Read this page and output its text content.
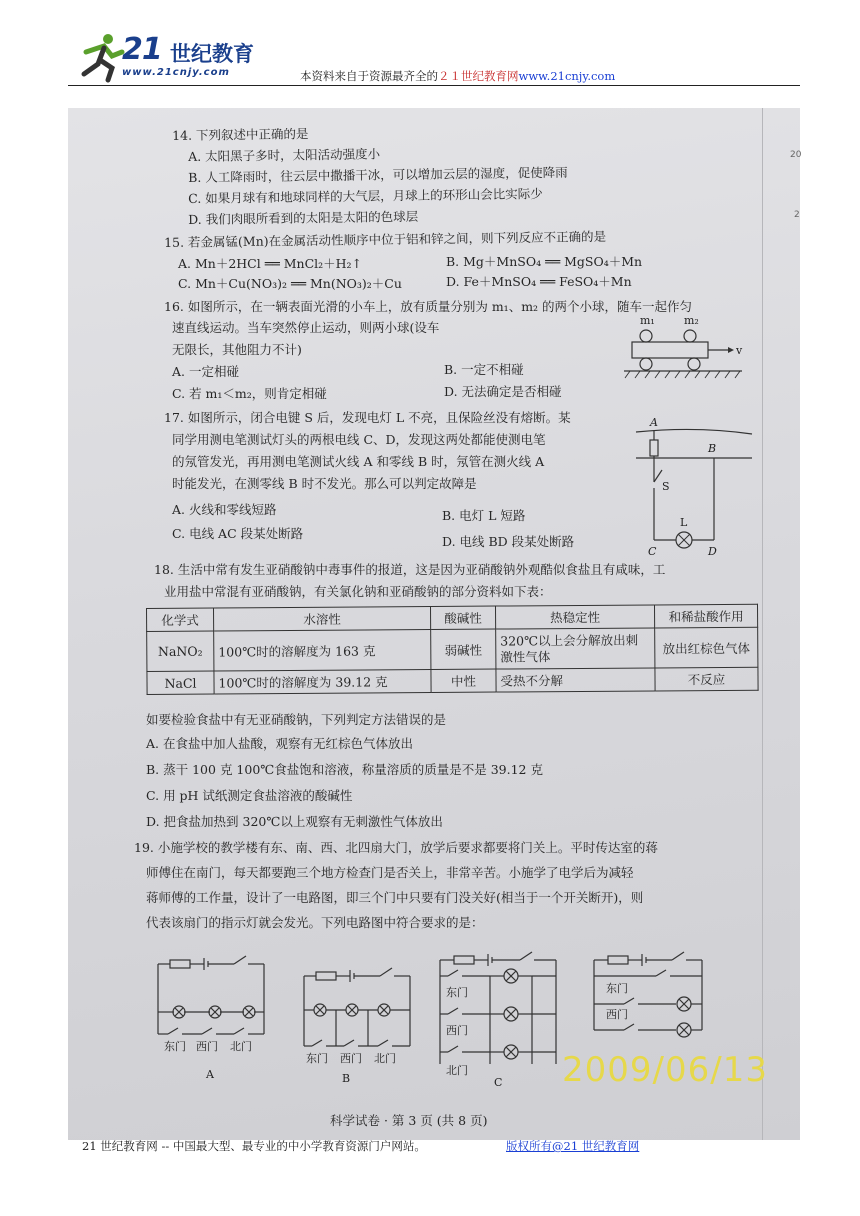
21 世纪教育
www.21cnjy.com	本资料来自于资源最齐全的２１世纪教育网www.21cnjy.com
20
2
14. 下列叙述中正确的是
A. 太阳黑子多时，太阳活动强度小
B. 人工降雨时，往云层中撒播干冰，可以增加云层的湿度，促使降雨
C. 如果月球有和地球同样的大气层，月球上的环形山会比实际少
D. 我们肉眼所看到的太阳是太阳的色球层
15. 若金属锰(Mn)在金属活动性顺序中位于铝和锌之间，则下列反应不正确的是
A. Mn＋2HCl ══ MnCl₂＋H₂↑	B. Mg＋MnSO₄ ══ MgSO₄＋Mn
C. Mn＋Cu(NO₃)₂ ══ Mn(NO₃)₂＋Cu	D. Fe＋MnSO₄ ══ FeSO₄＋Mn
16. 如图所示，在一辆表面光滑的小车上，放有质量分别为 m₁、m₂ 的两个小球，随车一起作匀
速直线运动。当车突然停止运动，则两小球(设车
无限长，其他阻力不计)
A. 一定相碰	B. 一定不相碰
C. 若 m₁＜m₂，则肯定相碰	D. 无法确定是否相碰
m₁	m₂
v
17. 如图所示，闭合电键 S 后，发现电灯 L 不亮，且保险丝没有熔断。某
同学用测电笔测试灯头的两根电线 C、D，发现这两处都能使测电笔
的氖管发光，再用测电笔测试火线 A 和零线 B 时，氖管在测火线 A
时能发光，在测零线 B 时不发光。那么可以判定故障是
A. 火线和零线短路	B. 电灯 L 短路
C. 电线 AC 段某处断路
D. 电线 BD 段某处断路
A
B
S
L
C	D
18. 生活中常有发生亚硝酸钠中毒事件的报道，这是因为亚硝酸钠外观酷似食盐且有咸味，工
业用盐中常混有亚硝酸钠，有关氯化钠和亚硝酸钠的部分资料如下表：
化学式	水溶性	酸碱性	热稳定性	和稀盐酸作用
NaNO₂	100℃时的溶解度为 163 克	弱碱性	320℃以上会分解放出刺激性气体	放出红棕色气体
NaCl	100℃时的溶解度为 39.12 克	中性	受热不分解	不反应
如要检验食盐中有无亚硝酸钠，下列判定方法错误的是
A. 在食盐中加人盐酸，观察有无红棕色气体放出
B. 蒸干 100 克 100℃食盐饱和溶液，称量溶质的质量是不是 39.12 克
C. 用 pH 试纸测定食盐溶液的酸碱性
D. 把食盐加热到 320℃以上观察有无刺激性气体放出
19. 小施学校的教学楼有东、南、西、北四扇大门，放学后要求都要将门关上。平时传达室的蒋
师傅住在南门，每天都要跑三个地方检查门是否关上，非常辛苦。小施学了电学后为减轻
蒋师傅的工作量，设计了一电路图，即三个门中只要有门没关好(相当于一个开关断开)，则
代表该扇门的指示灯就会发光。下列电路图中符合要求的是：
东门 西门 北门
A
东门 西门 北门
B
东门
西门
北门
C
东门
西门
2009/06/13
科学试卷 · 第 3 页 (共 8 页)
21 世纪教育网 -- 中国最大型、最专业的中小学教育资源门户网站。	版权所有@21 世纪教育网
